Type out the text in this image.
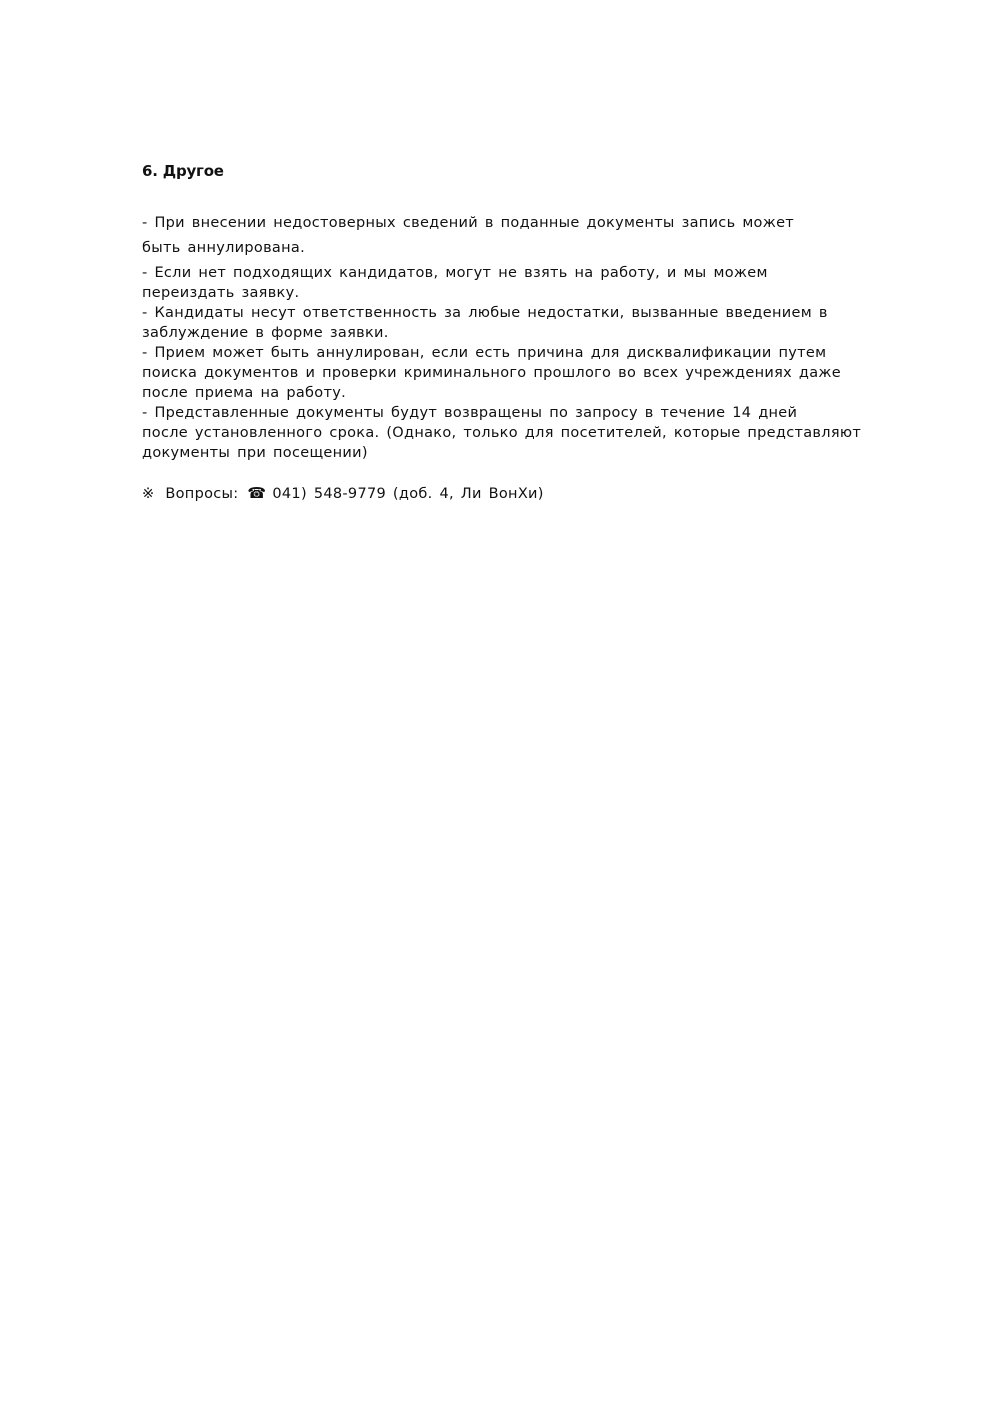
6. Другое
- При внесении недостоверных сведений в поданные документы запись может
быть аннулирована.
- Если нет подходящих кандидатов, могут не взять на работу, и мы можем
переиздать заявку.
- Кандидаты несут ответственность за любые недостатки, вызванные введением в
заблуждение в форме заявки.
- Прием может быть аннулирован, если есть причина для дисквалификации путем
поиска документов и проверки криминального прошлого во всех учреждениях даже
после приема на работу.
- Представленные документы будут возвращены по запросу в течение 14 дней
после установленного срока. (Однако, только для посетителей, которые представляют
документы при посещении)
※ Вопросы: ☎ 041) 548-9779 (доб. 4, Ли ВонХи)
